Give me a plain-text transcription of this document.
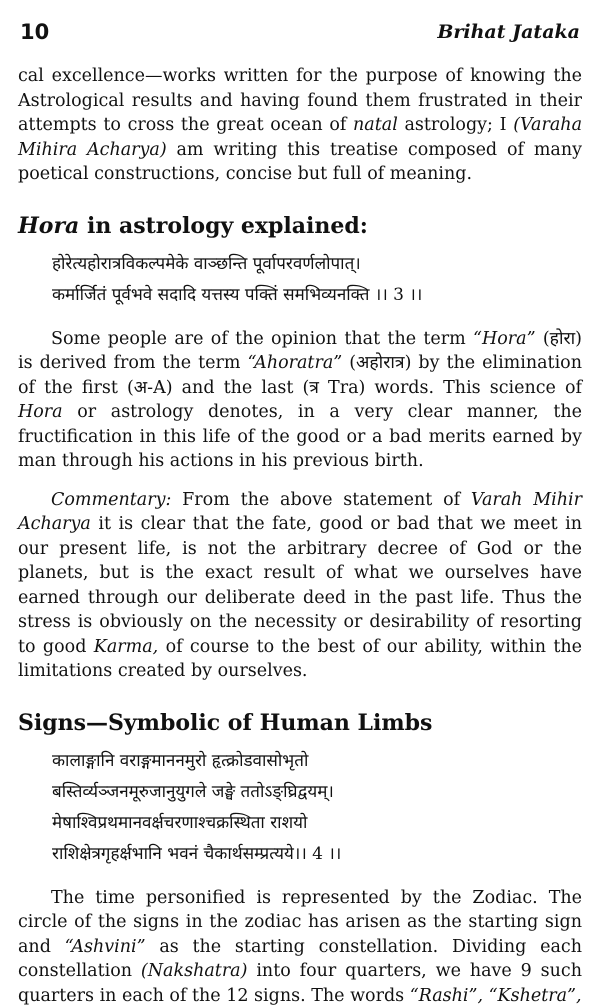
10	Brihat Jataka

cal excellence—works written for the purpose of knowing the Astrological results and having found them frustrated in their attempts to cross the great ocean of natal astrology; I (Varaha Mihira Acharya) am writing this treatise composed of many poetical constructions, concise but full of meaning.

Hora in astrology explained:
होरेत्यहोरात्रविकल्पमेके वाञ्छन्ति पूर्वापरवर्णलोपात्।
कर्मार्जितं पूर्वभवे सदादि यत्तस्य पक्तिं समभिव्यनक्ति ।। 3 ।।

Some people are of the opinion that the term “Hora” (होरा) is derived from the term “Ahoratra” (अहोरात्र) by the elimination of the first (अ-A) and the last (त्र Tra) words. This science of Hora or astrology denotes, in a very clear manner, the fructification in this life of the good or a bad merits earned by man through his actions in his previous birth.

Commentary: From the above statement of Varah Mihir Acharya it is clear that the fate, good or bad that we meet in our present life, is not the arbitrary decree of God or the planets, but is the exact result of what we ourselves have earned through our deliberate deed in the past life. Thus the stress is obviously on the necessity or desirability of resorting to good Karma, of course to the best of our ability, within the limitations created by ourselves.

Signs—Symbolic of Human Limbs
कालाङ्गानि वराङ्गमाननमुरो हृत्क्रोडवासोभृतो
बस्तिर्व्यञ्जनमूरुजानुयुगले जङ्घे ततोऽङ्घ्रिद्वयम्।
मेषाश्विप्रथमानवर्क्षचरणाश्चक्रस्थिता राशयो
राशिक्षेत्रगृहर्क्षभानि भवनं चैकार्थसम्प्रत्यये।। 4 ।।

The time personified is represented by the Zodiac. The circle of the signs in the zodiac has arisen as the starting sign and “Ashvini” as the starting constellation. Dividing each constellation (Nakshatra) into four quarters, we have 9 such quarters in each of the 12 signs. The words “Rashi”, “Kshetra”,
